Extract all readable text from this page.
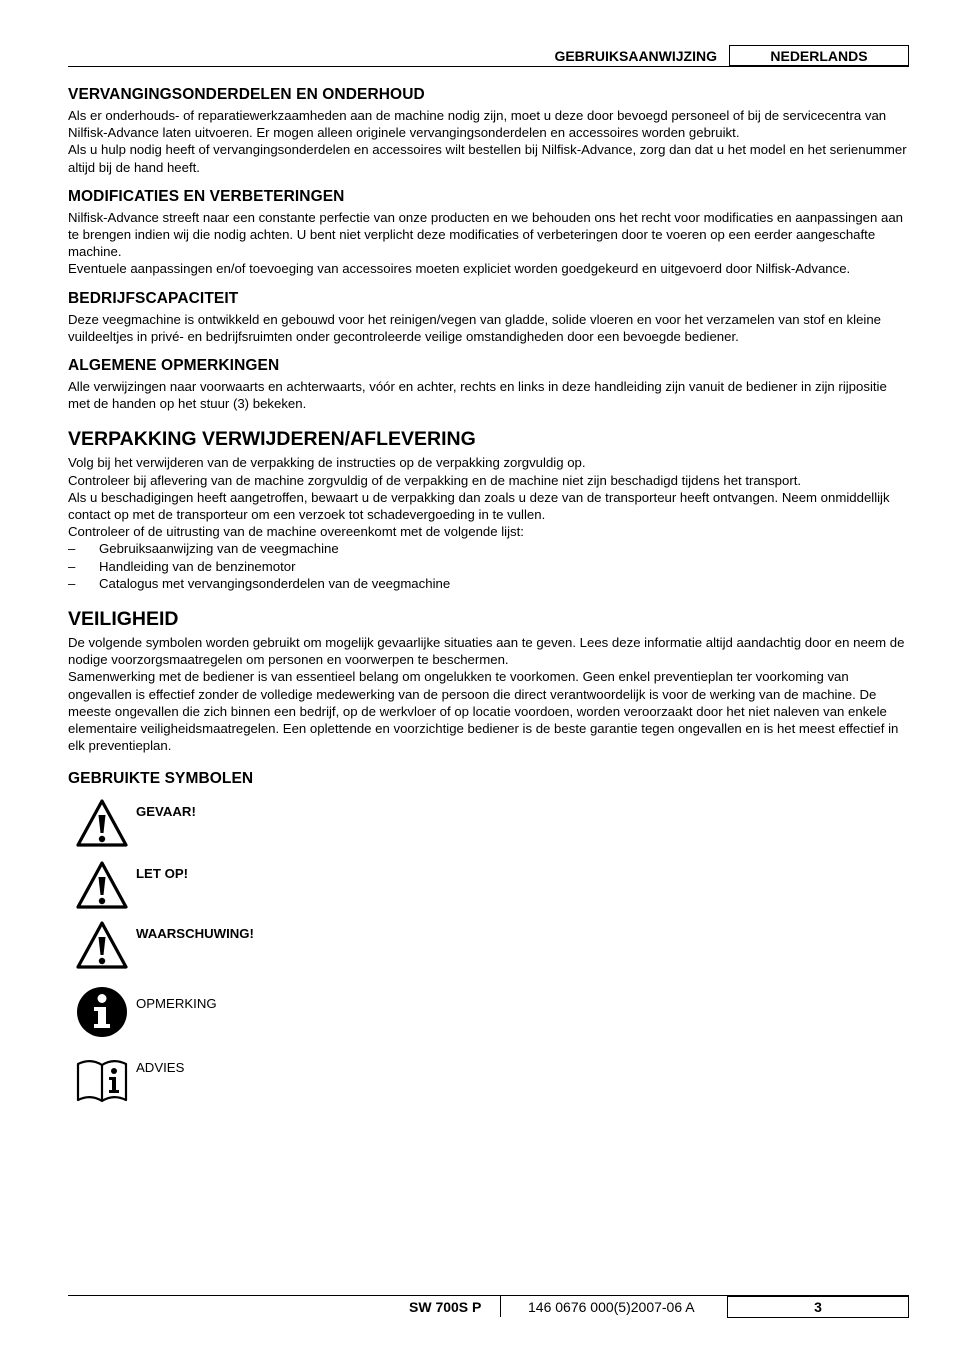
GEBRUIKSAANWIJZING	NEDERLANDS
VERVANGINGSONDERDELEN EN ONDERHOUD

Als er onderhouds- of reparatiewerkzaamheden aan de machine nodig zijn, moet u deze door bevoegd personeel of bij de servicecentra van Nilfisk-Advance laten uitvoeren. Er mogen alleen originele vervangingsonderdelen en accessoires worden gebruikt.

Als u hulp nodig heeft of vervangingsonderdelen en accessoires wilt bestellen bij Nilfisk-Advance, zorg dan dat u het model en het serienummer altijd bij de hand heeft.

MODIFICATIES EN VERBETERINGEN

Nilfisk-Advance streeft naar een constante perfectie van onze producten en we behouden ons het recht voor modificaties en aanpassingen aan te brengen indien wij die nodig achten. U bent niet verplicht deze modificaties of verbeteringen door te voeren op een eerder aangeschafte machine.

Eventuele aanpassingen en/of toevoeging van accessoires moeten expliciet worden goedgekeurd en uitgevoerd door Nilfisk-Advance.

BEDRIJFSCAPACITEIT

Deze veegmachine is ontwikkeld en gebouwd voor het reinigen/vegen van gladde, solide vloeren en voor het verzamelen van stof en kleine vuildeeltjes in privé- en bedrijfsruimten onder gecontroleerde veilige omstandigheden door een bevoegde bediener.

ALGEMENE OPMERKINGEN

Alle verwijzingen naar voorwaarts en achterwaarts, vóór en achter, rechts en links in deze handleiding zijn vanuit de bediener in zijn rijpositie met de handen op het stuur (3) bekeken.

VERPAKKING VERWIJDEREN/AFLEVERING

Volg bij het verwijderen van de verpakking de instructies op de verpakking zorgvuldig op.

Controleer bij aflevering van de machine zorgvuldig of de verpakking en de machine niet zijn beschadigd tijdens het transport.

Als u beschadigingen heeft aangetroffen, bewaart u de verpakking dan zoals u deze van de transporteur heeft ontvangen. Neem onmiddellijk contact op met de transporteur om een verzoek tot schadevergoeding in te vullen.

Controleer of de uitrusting van de machine overeenkomt met de volgende lijst:

–	Gebruiksaanwijzing van de veegmachine
–	Handleiding van de benzinemotor
–	Catalogus met vervangingsonderdelen van de veegmachine
VEILIGHEID

De volgende symbolen worden gebruikt om mogelijk gevaarlijke situaties aan te geven. Lees deze informatie altijd aandachtig door en neem de nodige voorzorgsmaatregelen om personen en voorwerpen te beschermen.

Samenwerking met de bediener is van essentieel belang om ongelukken te voorkomen. Geen enkel preventieplan ter voorkoming van ongevallen is effectief zonder de volledige medewerking van de persoon die direct verantwoordelijk is voor de werking van de machine. De meeste ongevallen die zich binnen een bedrijf, op de werkvloer of op locatie voordoen, worden veroorzaakt door het niet naleven van enkele elementaire veiligheidsmaatregelen. Een oplettende en voorzichtige bediener is de beste garantie tegen ongevallen en is het meest effectief in elk preventieplan.

GEBRUIKTE SYMBOLEN
GEVAAR!
LET OP!
WAARSCHUWING!
OPMERKING
ADVIES
SW 700S P	146 0676 000(5)2007-06 A	3
